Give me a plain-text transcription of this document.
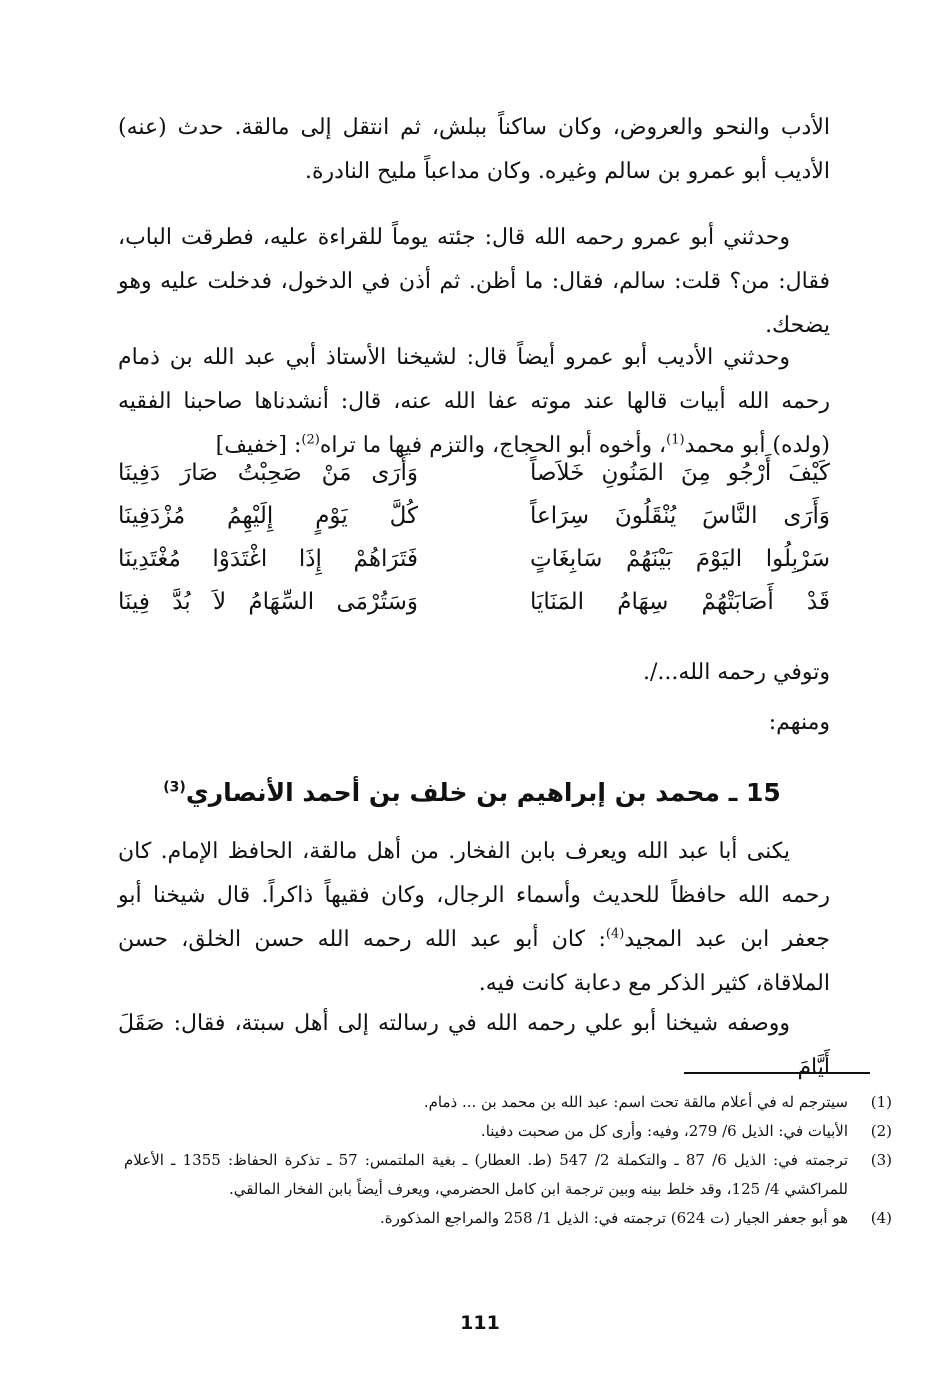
الأدب والنحو والعروض، وكان ساكناً ببلش، ثم انتقل إلى مالقة. حدث (عنه) الأديب أبو عمرو بن سالم وغيره. وكان مداعباً مليح النادرة.

وحدثني أبو عمرو رحمه الله قال: جئته يوماً للقراءة عليه، فطرقت الباب، فقال: من؟ قلت: سالم، فقال: ما أظن. ثم أذن في الدخول، فدخلت عليه وهو يضحك.

وحدثني الأديب أبو عمرو أيضاً قال: لشيخنا الأستاذ أبي عبد الله بن ذمام رحمه الله أبيات قالها عند موته عفا الله عنه، قال: أنشدناها صاحبنا الفقيه (ولده) أبو محمد$^{(1)}$، وأخوه أبو الحجاج، والتزم فيها ما تراه$^{(2)}$: [خفيف]

كَيْفَ أَرْجُو مِنَ المَنُونِ خَلاَصاً
وَأَرَى مَنْ صَحِبْتُ صَارَ دَفِينَا
وَأَرَى النَّاسَ يُنْقَلُونَ سِرَاعاً
كُلَّ يَوْمٍ إِلَيْهِمُ مُزْدَفِينَا
سَرْبِلُوا اليَوْمَ بَيْنَهُمْ سَابِغَاتٍ
فَتَرَاهُمْ إِذَا اغْتَدَوْا مُغْتَدِينَا
قَدْ أَصَابَتْهُمْ سِهَامُ المَنَايَا
وَسَتُرْمَى السِّهَامُ لاَ بُدَّ فِينَا
وتوفي رحمه الله.../.
ومنهم:
15 ـ محمد بن إبراهيم بن خلف بن أحمد الأنصاري$^{(3)}$

يكنى أبا عبد الله ويعرف بابن الفخار. من أهل مالقة، الحافظ الإمام. كان رحمه الله حافظاً للحديث وأسماء الرجال، وكان فقيهاً ذاكراً. قال شيخنا أبو جعفر ابن عبد المجيد$^{(4)}$: كان أبو عبد الله رحمه الله حسن الخلق، حسن الملاقاة، كثير الذكر مع دعابة كانت فيه.

ووصفه شيخنا أبو علي رحمه الله في رسالته إلى أهل سبتة، فقال: صَقَلَ أَيَّامَ

(1)
سيترجم له في أعلام مالقة تحت اسم: عبد الله بن محمد بن ... ذمام.
(2)
الأبيات في: الذيل 6/ 279، وفيه: وأرى كل من صحبت دفينا.
(3)
ترجمته في: الذيل 6/ 87 ـ والتكملة 2/ 547 (ط. العطار) ـ بغية الملتمس: 57 ـ تذكرة الحفاظ: 1355 ـ الأعلام للمراكشي 4/ 125، وقد خلط بينه وبين ترجمة ابن كامل الحضرمي، ويعرف أيضاً بابن الفخار المالقي.
(4)
هو أبو جعفر الجيار (ت 624) ترجمته في: الذيل 1/ 258 والمراجع المذكورة.
111
